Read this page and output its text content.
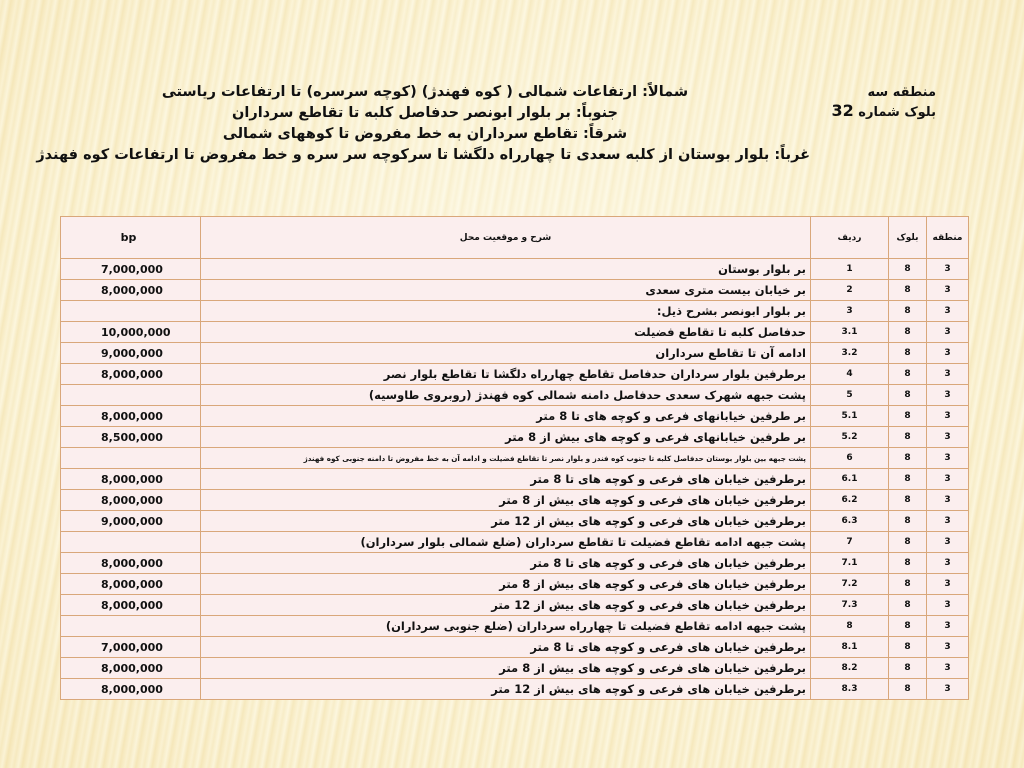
منطقه سه
بلوک شماره 32
شمالاً: ارتفاعات شمالی ( کوه فهندژ) (کوچه سرسره) تا ارتفاعات ریاستی
جنوباً: بر بلوار ابونصر حدفاصل کلبه تا تقاطع سرداران
شرقاً: تقاطع سرداران به خط مفروض تا کوههای شمالی
غرباً: بلوار بوستان از کلبه سعدی تا چهارراه دلگشا تا سرکوچه سر سره و خط مفروض تا ارتفاعات کوه فهندژ
bp	شرح و موقعیت محل	ردیف	بلوک	منطقه
7,000,000	بر بلوار بوستان	1	8	3
8,000,000	بر خیابان بیست متری سعدی	2	8	3
	بر بلوار ابونصر بشرح ذیل:	3	8	3
10,000,000	حدفاصل کلبه تا تقاطع فضیلت	3.1	8	3
9,000,000	ادامه آن تا تقاطع سرداران	3.2	8	3
8,000,000	برطرفین بلوار سرداران حدفاصل تقاطع چهارراه دلگشا تا تقاطع بلوار نصر	4	8	3
	پشت جبهه شهرک سعدی حدفاصل دامنه شمالی کوه فهندژ (روبروی طاوسیه)	5	8	3
8,000,000	بر طرفین خیابانهای فرعی و کوچه های تا 8 متر	5.1	8	3
8,500,000	بر طرفین خیابانهای فرعی و کوچه های بیش از 8 متر	5.2	8	3
	پشت جبهه بین بلوار بوستان حدفاصل کلبه تا جنوب کوه فندز و بلوار نصر تا تقاطع فضیلت و ادامه آن به خط مفروض تا دامنه جنوبی کوه فهندژ	6	8	3
8,000,000	برطرفین خیابان های فرعی و کوچه های تا 8 متر	6.1	8	3
8,000,000	برطرفین خیابان های فرعی و کوچه های بیش از 8 متر	6.2	8	3
9,000,000	برطرفین خیابان های فرعی و کوچه های بیش از 12 متر	6.3	8	3
	پشت جبهه ادامه تقاطع فضیلت تا تقاطع سرداران (ضلع شمالی بلوار سرداران)	7	8	3
8,000,000	برطرفین خیابان های فرعی و کوچه های تا 8 متر	7.1	8	3
8,000,000	برطرفین خیابان های فرعی و کوچه های بیش از 8 متر	7.2	8	3
8,000,000	برطرفین خیابان های فرعی و کوچه های بیش از 12 متر	7.3	8	3
	پشت جبهه ادامه تقاطع فضیلت تا چهارراه سرداران (ضلع جنوبی سرداران)	8	8	3
7,000,000	برطرفین خیابان های فرعی و کوچه های تا 8 متر	8.1	8	3
8,000,000	برطرفین خیابان های فرعی و کوچه های بیش از 8 متر	8.2	8	3
8,000,000	برطرفین خیابان های فرعی و کوچه های بیش از 12 متر	8.3	8	3
